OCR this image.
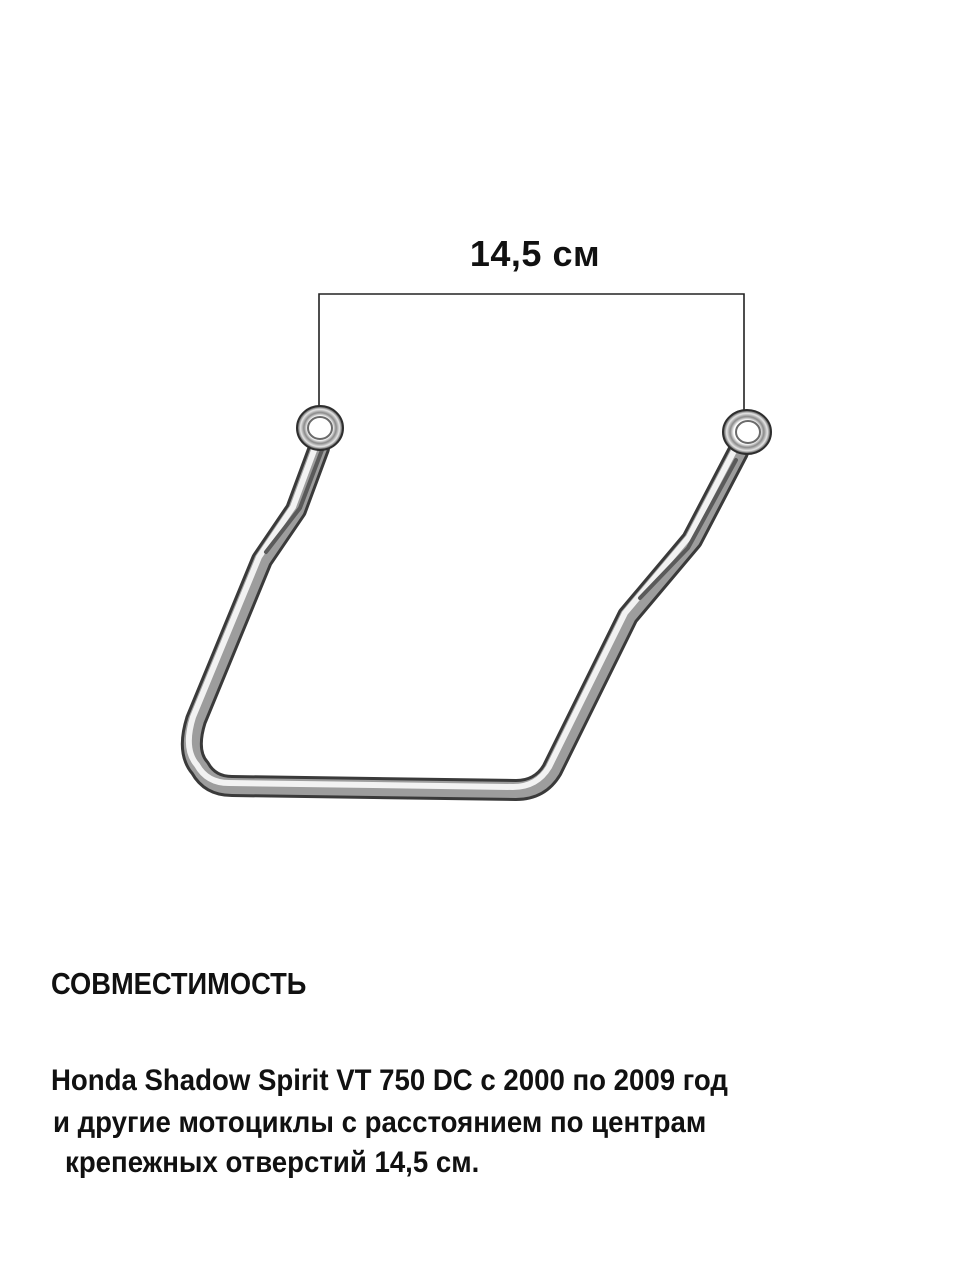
14,5 см
СОВМЕСТИМОСТЬ
Honda Shadow Spirit VT 750 DC с 2000 по 2009 год
и другие мотоциклы с расстоянием по центрам
крепежных отверстий 14,5 см.
